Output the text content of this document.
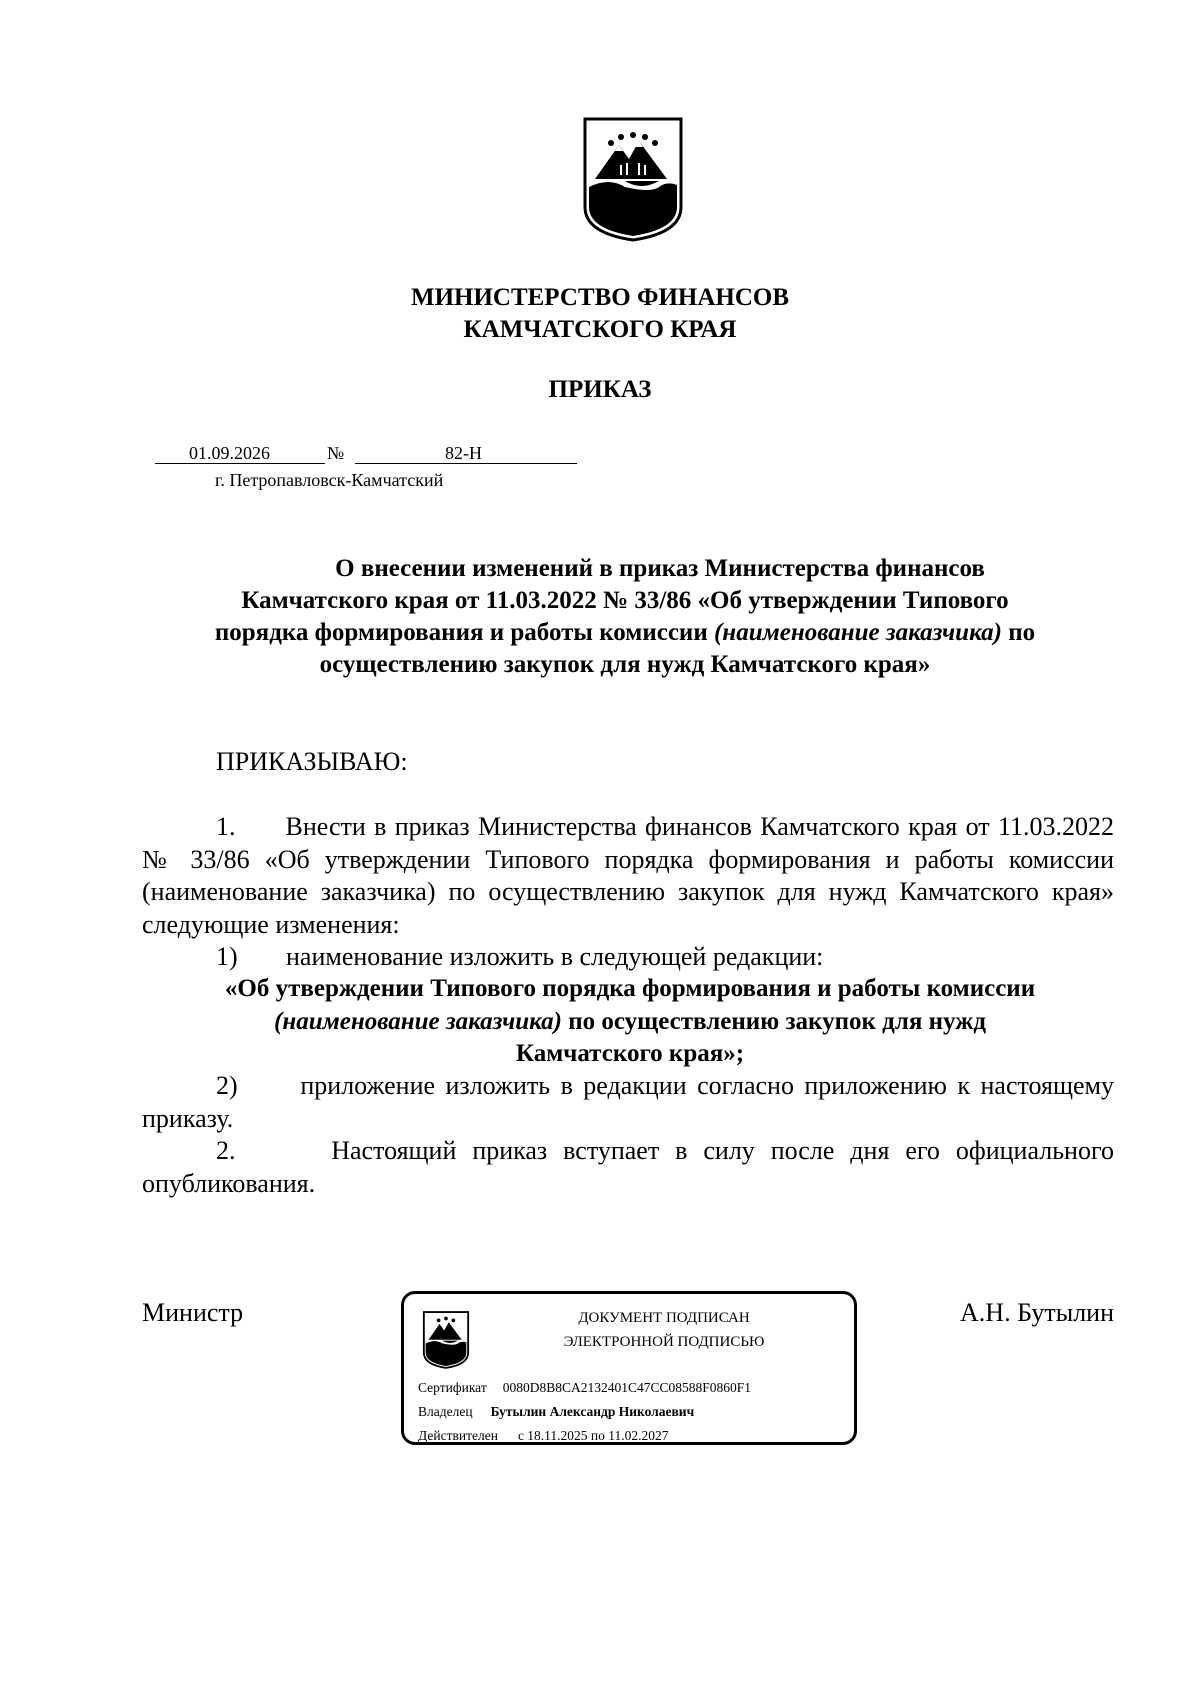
МИНИСТЕРСТВО ФИНАНСОВ
КАМЧАТСКОГО КРАЯ
ПРИКАЗ
01.09.2026	№	82-Н
г. Петропавловск-Камчатский
О внесении изменений в приказ Министерства финансов
Камчатского края от 11.03.2022 № 33/86 «Об утверждении Типового
порядка формирования и работы комиссии (наименование заказчика) по
осуществлению закупок для нужд Камчатского края»
ПРИКАЗЫВАЮ:
1.      Внести в приказ Министерства финансов Камчатского края от 11.03.2022 № 33/86 «Об утверждении Типового порядка формирования и работы комиссии (наименование заказчика) по осуществлению закупок для нужд Камчатского края» следующие изменения:
1) наименование изложить в следующей редакции:
«Об утверждении Типового порядка формирования и работы комиссии
(наименование заказчика) по осуществлению закупок для нужд
Камчатского края»;
2)      приложение изложить в редакции согласно приложению к настоящему приказу.
2.      Настоящий приказ вступает в силу после дня его официального опубликования.
Министр	А.Н. Бутылин
ДОКУМЕНТ ПОДПИСАН
ЭЛЕКТРОННОЙ ПОДПИСЬЮ
Сертификат 0080D8B8CA2132401C47CC08588F0860F1
Владелец Бутылин Александр Николаевич
Действителен с 18.11.2025 по 11.02.2027
